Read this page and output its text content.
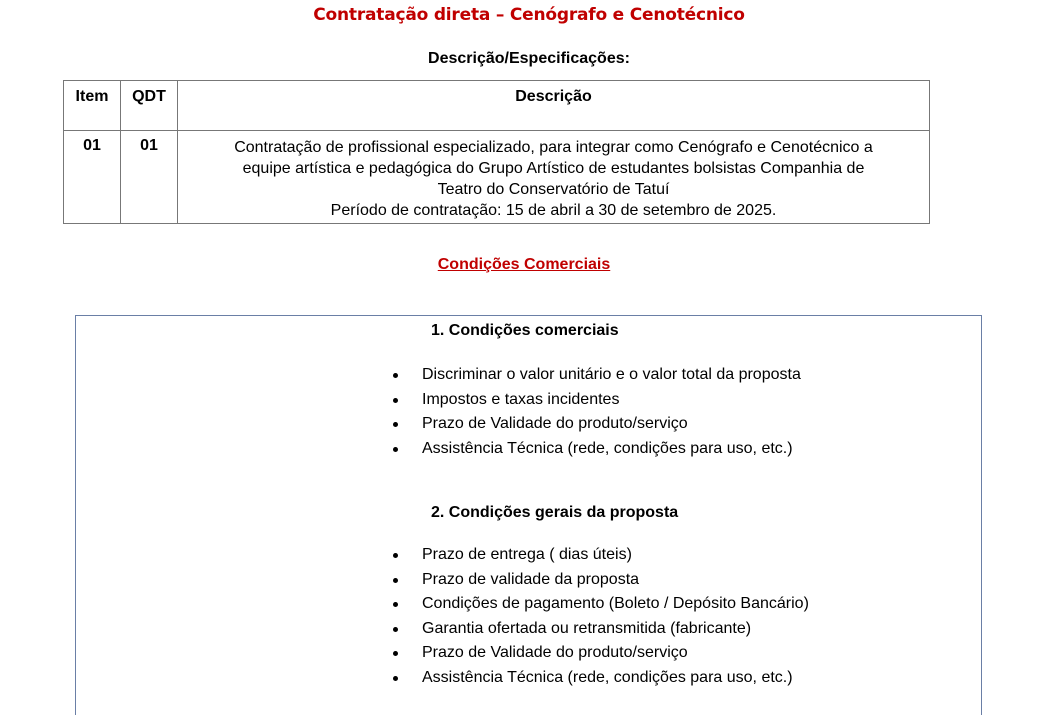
Contratação direta – Cenógrafo e Cenotécnico
Descrição/Especificações:
Item	QDT	Descrição
01	01	Contratação de profissional especializado, para integrar como Cenógrafo e Cenotécnico a
equipe artística e pedagógica do Grupo Artístico de estudantes bolsistas Companhia de
Teatro do Conservatório de Tatuí
Período de contratação: 15 de abril a 30 de setembro de 2025.
Condições Comerciais
1. Condições comerciais
Discriminar o valor unitário e o valor total da proposta
Impostos e taxas incidentes
Prazo de Validade do produto/serviço
Assistência Técnica (rede, condições para uso, etc.)
2. Condições gerais da proposta
Prazo de entrega ( dias úteis)
Prazo de validade da proposta
Condições de pagamento (Boleto / Depósito Bancário)
Garantia ofertada ou retransmitida (fabricante)
Prazo de Validade do produto/serviço
Assistência Técnica (rede, condições para uso, etc.)
